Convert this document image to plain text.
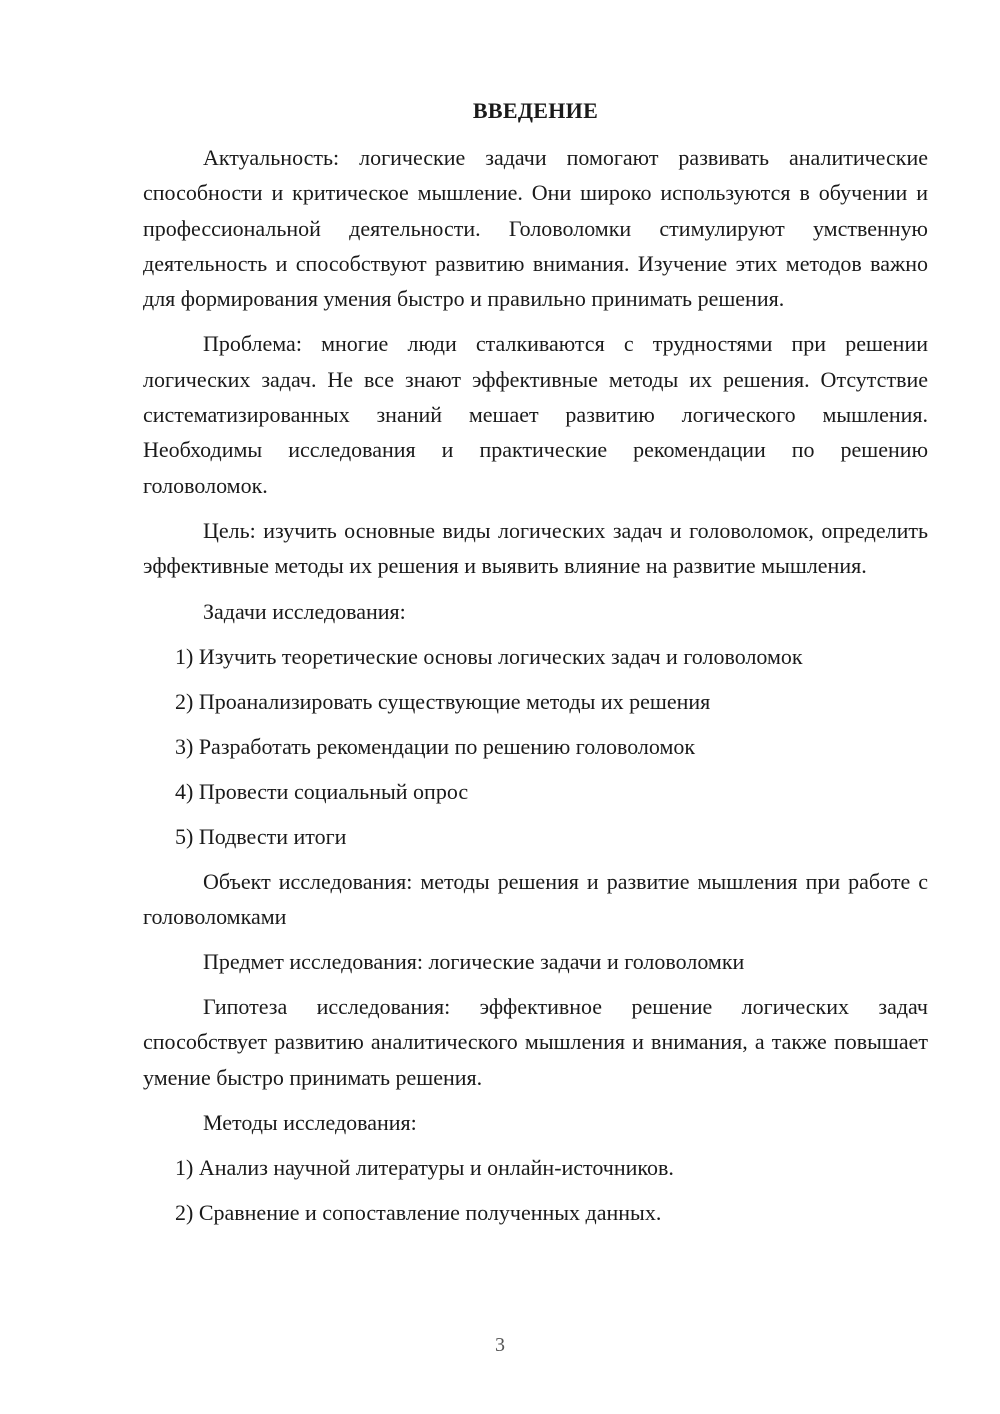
ВВЕДЕНИЕ

Актуальность: логические задачи помогают развивать аналитические способности и критическое мышление. Они широко используются в обучении и профессиональной деятельности. Головоломки стимулируют умственную деятельность и способствуют развитию внимания. Изучение этих методов важно для формирования умения быстро и правильно принимать решения.

Проблема: многие люди сталкиваются с трудностями при решении логических задач. Не все знают эффективные методы их решения. Отсутствие систематизированных знаний мешает развитию логического мышления. Необходимы исследования и практические рекомендации по решению головоломок.

Цель: изучить основные виды логических задач и головоломок, определить эффективные методы их решения и выявить влияние на развитие мышления.

Задачи исследования:

1) Изучить теоретические основы логических задач и головоломок

2) Проанализировать существующие методы их решения

3) Разработать рекомендации по решению головоломок

4) Провести социальный опрос

5) Подвести итоги

Объект исследования: методы решения и развитие мышления при работе с головоломками

Предмет исследования: логические задачи и головоломки

Гипотеза исследования: эффективное решение логических задач способствует развитию аналитического мышления и внимания, а также повышает умение быстро принимать решения.

Методы исследования:

1) Анализ научной литературы и онлайн-источников.

2) Сравнение и сопоставление полученных данных.

3
